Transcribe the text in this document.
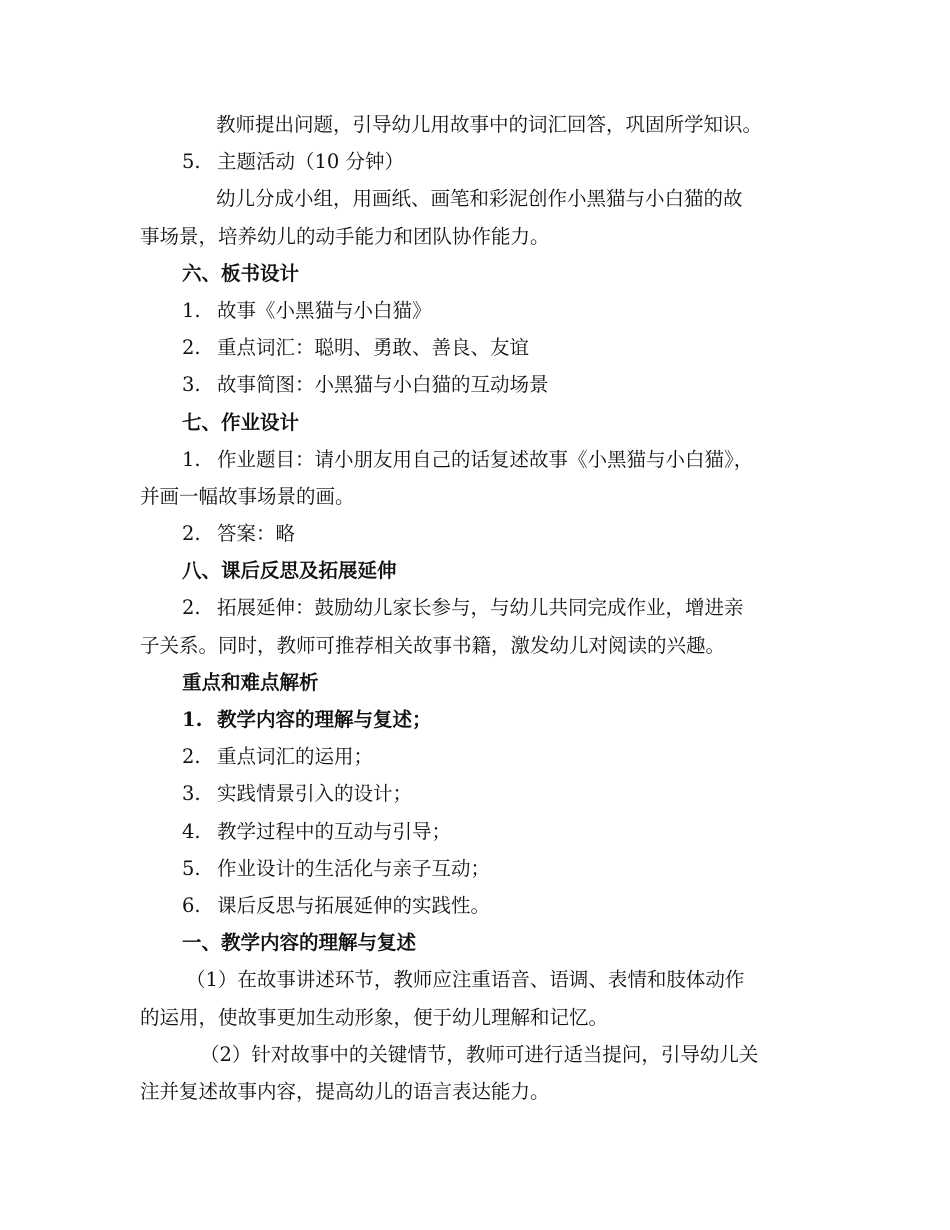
教师提出问题，引导幼儿用故事中的词汇回答，巩固所学知识。
5. 主题活动（10 分钟）
幼儿分成小组，用画纸、画笔和彩泥创作小黑猫与小白猫的故
事场景，培养幼儿的动手能力和团队协作能力。
六、板书设计
1. 故事《小黑猫与小白猫》
2. 重点词汇：聪明、勇敢、善良、友谊
3. 故事简图：小黑猫与小白猫的互动场景
七、作业设计
1. 作业题目：请小朋友用自己的话复述故事《小黑猫与小白猫》，
并画一幅故事场景的画。
2. 答案：略
八、课后反思及拓展延伸
2. 拓展延伸：鼓励幼儿家长参与，与幼儿共同完成作业，增进亲
子关系。同时，教师可推荐相关故事书籍，激发幼儿对阅读的兴趣。
重点和难点解析
1. 教学内容的理解与复述；
2. 重点词汇的运用；
3. 实践情景引入的设计；
4. 教学过程中的互动与引导；
5. 作业设计的生活化与亲子互动；
6. 课后反思与拓展延伸的实践性。
一、教学内容的理解与复述
（1）在故事讲述环节，教师应注重语音、语调、表情和肢体动作
的运用，使故事更加生动形象，便于幼儿理解和记忆。
（2）针对故事中的关键情节，教师可进行适当提问，引导幼儿关
注并复述故事内容，提高幼儿的语言表达能力。
